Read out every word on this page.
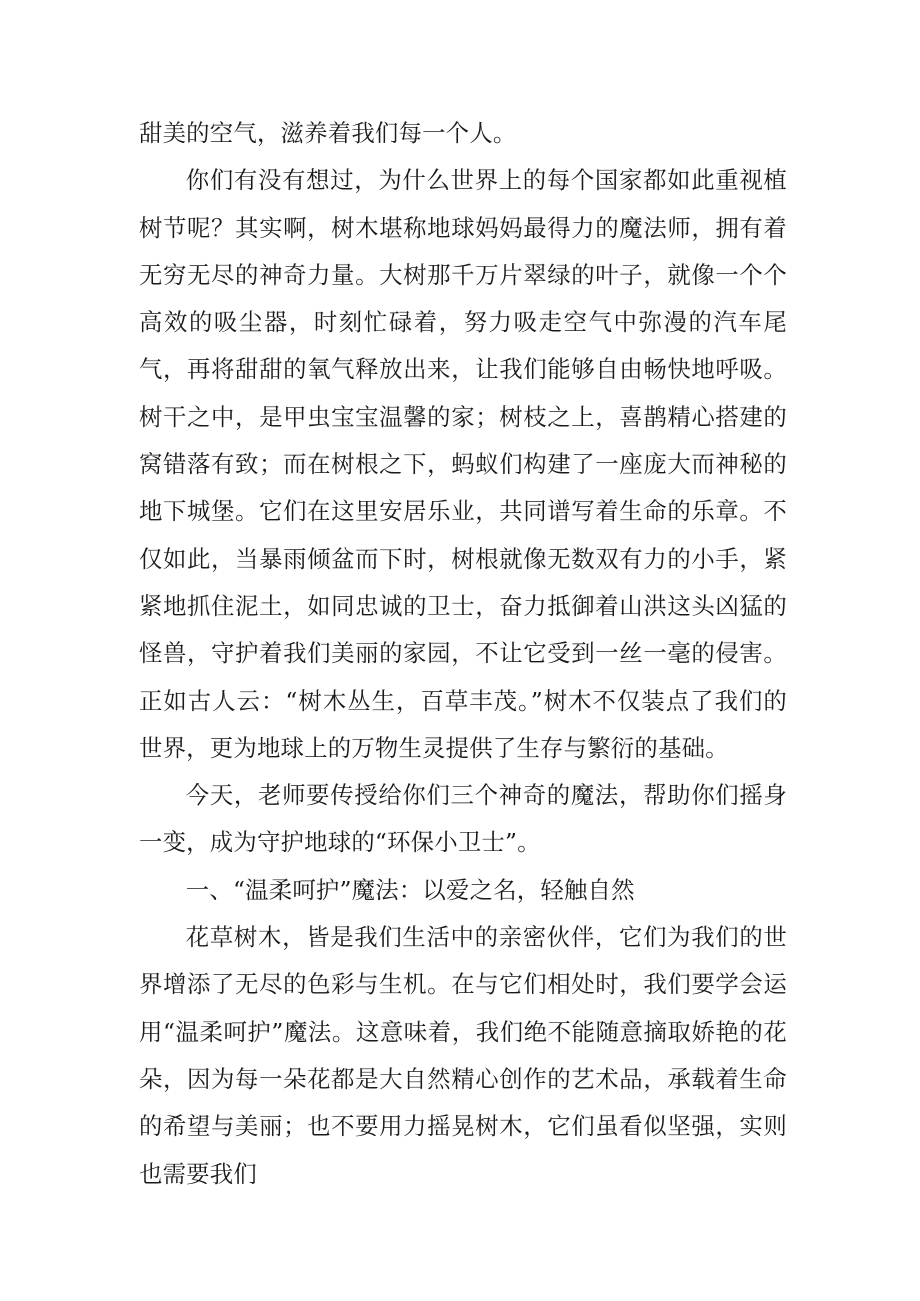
甜美的空气，滋养着我们每一个人。

你们有没有想过，为什么世界上的每个国家都如此重视植树节呢？其实啊，树木堪称地球妈妈最得力的魔法师，拥有着无穷无尽的神奇力量。大树那千万片翠绿的叶子，就像一个个高效的吸尘器，时刻忙碌着，努力吸走空气中弥漫的汽车尾气，再将甜甜的氧气释放出来，让我们能够自由畅快地呼吸。树干之中，是甲虫宝宝温馨的家；树枝之上，喜鹊精心搭建的窝错落有致；而在树根之下，蚂蚁们构建了一座庞大而神秘的地下城堡。它们在这里安居乐业，共同谱写着生命的乐章。不仅如此，当暴雨倾盆而下时，树根就像无数双有力的小手，紧紧地抓住泥土，如同忠诚的卫士，奋力抵御着山洪这头凶猛的怪兽，守护着我们美丽的家园，不让它受到一丝一毫的侵害。正如古人云：“树木丛生，百草丰茂。”树木不仅装点了我们的世界，更为地球上的万物生灵提供了生存与繁衍的基础。

今天，老师要传授给你们三个神奇的魔法，帮助你们摇身一变，成为守护地球的“环保小卫士”。

一、“温柔呵护”魔法：以爱之名，轻触自然

花草树木，皆是我们生活中的亲密伙伴，它们为我们的世界增添了无尽的色彩与生机。在与它们相处时，我们要学会运用“温柔呵护”魔法。这意味着，我们绝不能随意摘取娇艳的花朵，因为每一朵花都是大自然精心创作的艺术品，承载着生命的希望与美丽；也不要用力摇晃树木，它们虽看似坚强，实则也需要我们
